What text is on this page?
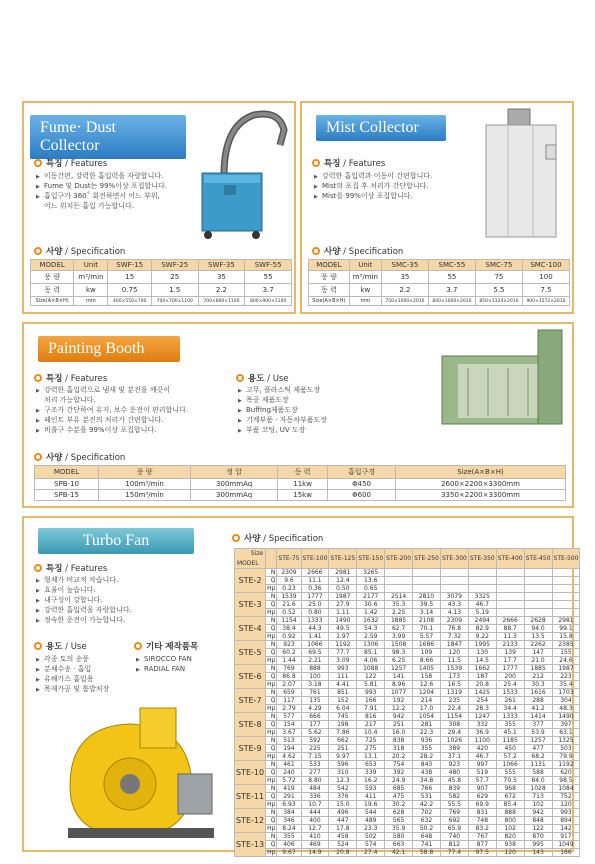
Fume· Dust Collector
특징 / Features
▶ 이동간편, 강력한 흡입력을 자랑합니다.
▶ Fume 및 Dust는 99%이상 포집합니다.
▶ 흡입구가 360˚ 회전하면서 어느 부위,
어느 위치든 흡입 가능합니다.
사양 / Specification
MODEL	Unit	SWF-15	SWF-25	SWF-35	SWF-55
풍 량	m³/min	15	25	35	55
동 력	kw	0.75	1.5	2.2	3.7
Size(A×B×H)	mm	400×550×700	700×700×1100	700×800×1100	800×900×1100
Mist Collector
특징 / Features
▶ 강력한 흡입력과 이동이 간편합니다.
▶ Mist의 포집 후 처리가 간단합니다.
▶ Mist를 99%이상 포집합니다.
사양 / Specification
MODEL	Unit	SMC-35	SMC-55	SMC-75	SMC-100
풍 량	m³/min	35	55	75	100
동 력	kw	2.2	3.7	5.5	7.5
Size(A×B×H)	mm	750×1000×2010	840×1000×2010	850×1324×2010	900×1572×2010
Painting Booth
특징 / Features
▶ 강력한 흡입력으로 냄새 및 분진을 깨끗이
처리 가능합니다.
▶ 구조가 간단하여 유지, 보수 운전이 편리합니다.
▶ 페인트 부유 분진의 처리가 간편합니다.
▶ 비출구 수분을 99%이상 포집합니다.
용도 / Use
▶ 고무, 플라스틱 제품도장
▶ 목공 제품도장
▶ Buffing제품도장
▶ 기계부품 · 자동차부품도장
▶ 부품 코팅, UV 도장
사양 / Specification
MODEL	풍 량	정 압	동 력	흡입구경	Size(A×B×H)
SPB-10	100m³/min	300mmAq	11kw	Φ450	2600×2200×3300mm
SPB-15	150m³/min	300mmAq	15kw	Φ600	3350×2200×3300mm
Turbo Fan
특징 / Features
▶ 형체가 비교적 작습니다.
▶ 효율이 높습니다.
▶ 내구성이 강합니다.
▶ 강력한 흡입력을 자랑합니다.
▶ 정숙한 운전이 가능합니다.
용도 / Use
▶ 각종 토의 송풍
▶ 분체수송 · 흡입
▶ 유해가스 흡입용
▶ 목재가공 및 톱밥처장
기타 제작품목
▶ SIROCCO FAN
▶ RADIAL FAN
사양 / Specification
Size
MODEL		STE-75	STE-100	STE-125	STE-150	STE-200	STE-250	STE-300	STE-350	STE-400	STE-450	STE-500
STE-2	N	2309	2666	2981	3265							
	Q	9.6	11.1	12.4	13.6							
	Hp	0.23	0.36	0.50	0.65							
STE-3	N	1539	1777	1987	2177	2514	2810	3079	3325			
	Q	21.6	25.0	27.9	30.6	35.3	39.5	43.3	46.7			
	Hp	0.52	0.80	1.11	1.42	2.25	3.14	4.13	5.19			
STE-4	N	1154	1333	1490	1632	1885	2108	2309	2494	2666	2628	2981
	Q	38.4	44.3	49.5	54.3	62.7	70.1	76.8	82.9	88.7	94.0	99.1
	Hp	0.92	1.41	1.97	2.59	3.99	5.57	7.32	9.22	11.3	13.5	15.8
STE-5	N	923	1066	1192	1306	1508	1686	1847	1995	2133	2262	2385
	Q	60.2	69.5	77.7	85.1	98.3	109	120	130	139	147	155
	Hp	1.44	2.21	3.09	4.06	6.25	8.66	11.5	14.5	17.7	21.0	24.6
STE-6	N	769	888	993	1088	1257	1405	1539	1662	1777	1885	1987
	Q	86.8	100	111	122	141	158	173	187	200	212	223
	Hp	2.07	3.18	4.41	5.81	8.96	12.6	16.5	20.8	25.4	30.3	35.4
STE-7	N	659	761	851	993	1077	1204	1319	1425	1533	1616	1703
	Q	117	135	152	166	192	214	235	254	261	288	304
	Hp	2.79	4.29	6.04	7.91	12.2	17.0	22.4	28.3	34.4	41.2	48.3
STE-8	N	577	666	745	816	942	1054	1154	1247	1333	1414	1490
	Q	154	177	198	217	251	281	308	332	355	377	397
	Hp	3.67	5.62	7.86	10.4	16.0	22.3	29.4	36.9	45.1	53.9	63.1
STE-9	N	513	592	662	725	838	936	1026	1100	1185	1257	1325
	Q	194	225	251	275	318	355	389	420	450	477	503
	Hp	4.62	7.15	9.97	13.1	20.2	28.2	37.1	46.7	57.2	68.2	79.9
STE-10	N	461	533	596	653	754	843	923	997	1066	1131	1192
	Q	240	277	310	339	392	438	480	519	555	588	620
	Hp	5.72	8.80	12.3	16.2	24.9	34.8	45.8	57.7	70.5	84.0	98.5
STE-11	N	419	484	542	593	685	766	839	907	968	1028	1084
	Q	291	336	376	411	475	531	582	629	672	713	752
	Hp	6.93	10.7	15.0	19.6	30.2	42.2	55.5	69.9	85.4	102	120
STE-12	N	384	444	496	544	628	702	769	831	888	942	993
	Q	346	400	447	489	565	632	692	748	800	848	894
	Hp	8.24	12.7	17.8	23.3	35.9	50.2	65.9	83.2	102	122	142
STE-13	N	355	410	458	502	580	648	740	767	820	870	917
	Q	406	469	524	574	663	741	812	877	938	995	1049
	Hp	9.67	14.9	20.8	27.4	42.1	58.8	77.4	97.5	120	143	166
